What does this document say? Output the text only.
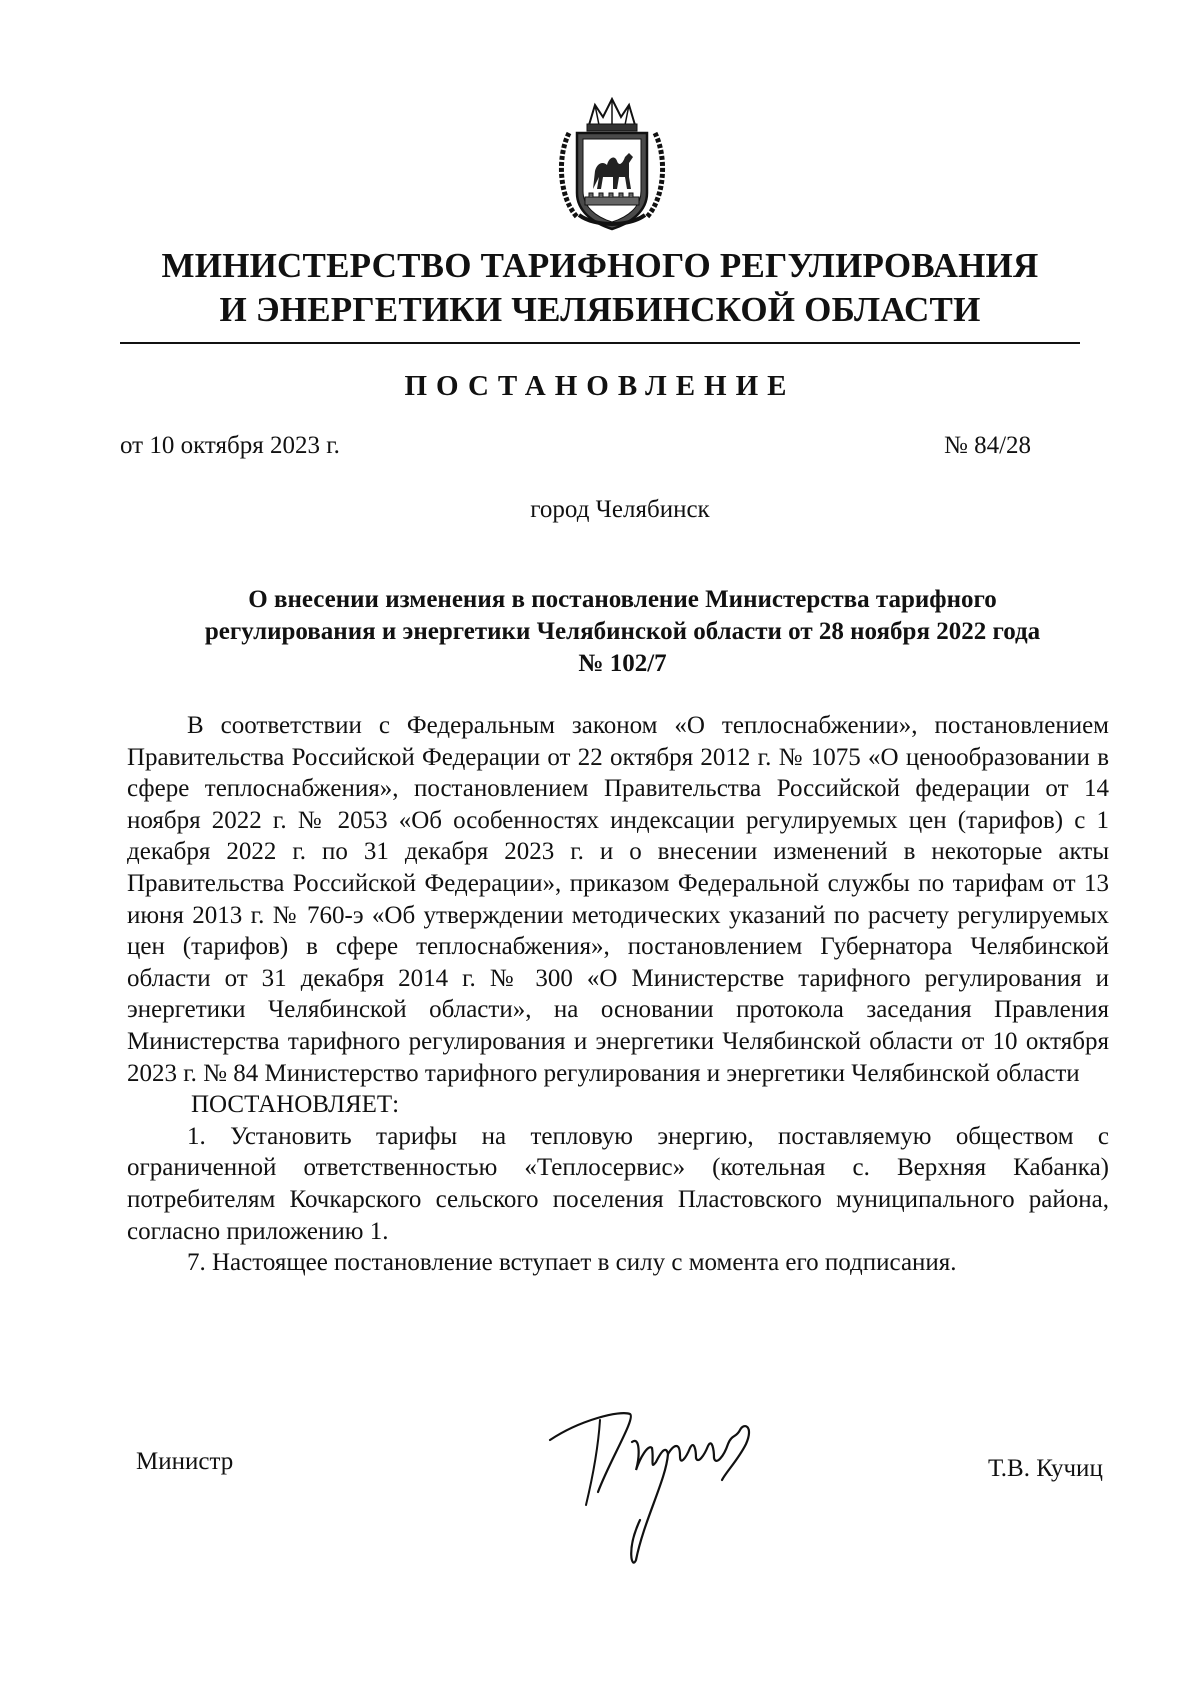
МИНИСТЕРСТВО ТАРИФНОГО РЕГУЛИРОВАНИЯ
И ЭНЕРГЕТИКИ ЧЕЛЯБИНСКОЙ ОБЛАСТИ
ПОСТАНОВЛЕНИЕ
от 10 октября 2023 г.	№ 84/28
город Челябинск
О внесении изменения в постановление Министерства тарифного
регулирования и энергетики Челябинской области от 28 ноября 2022 года
№ 102/7

В соответствии с Федеральным законом «О теплоснабжении», постановлением Правительства Российской Федерации от 22 октября 2012 г. № 1075 «О ценообразовании в сфере теплоснабжения», постановлением Правительства Российской федерации от 14 ноября 2022 г. № 2053 «Об особенностях индексации регулируемых цен (тарифов) с 1 декабря 2022 г. по 31 декабря 2023 г. и о внесении изменений в некоторые акты Правительства Российской Федерации», приказом Федеральной службы по тарифам от 13 июня 2013 г. № 760-э «Об утверждении методических указаний по расчету регулируемых цен (тарифов) в сфере теплоснабжения», постановлением Губернатора Челябинской области от 31 декабря 2014 г. № 300 «О Министерстве тарифного регулирования и энергетики Челябинской области», на основании протокола заседания Правления Министерства тарифного регулирования и энергетики Челябинской области от 10 октября 2023 г. № 84 Министерство тарифного регулирования и энергетики Челябинской области

ПОСТАНОВЛЯЕТ:

1. Установить тарифы на тепловую энергию, поставляемую обществом с ограниченной ответственностью «Теплосервис» (котельная с. Верхняя Кабанка) потребителям Кочкарского сельского поселения Пластовского муниципального района, согласно приложению 1.

7. Настоящее постановление вступает в силу с момента его подписания.

Министр	Т.В. Кучиц
